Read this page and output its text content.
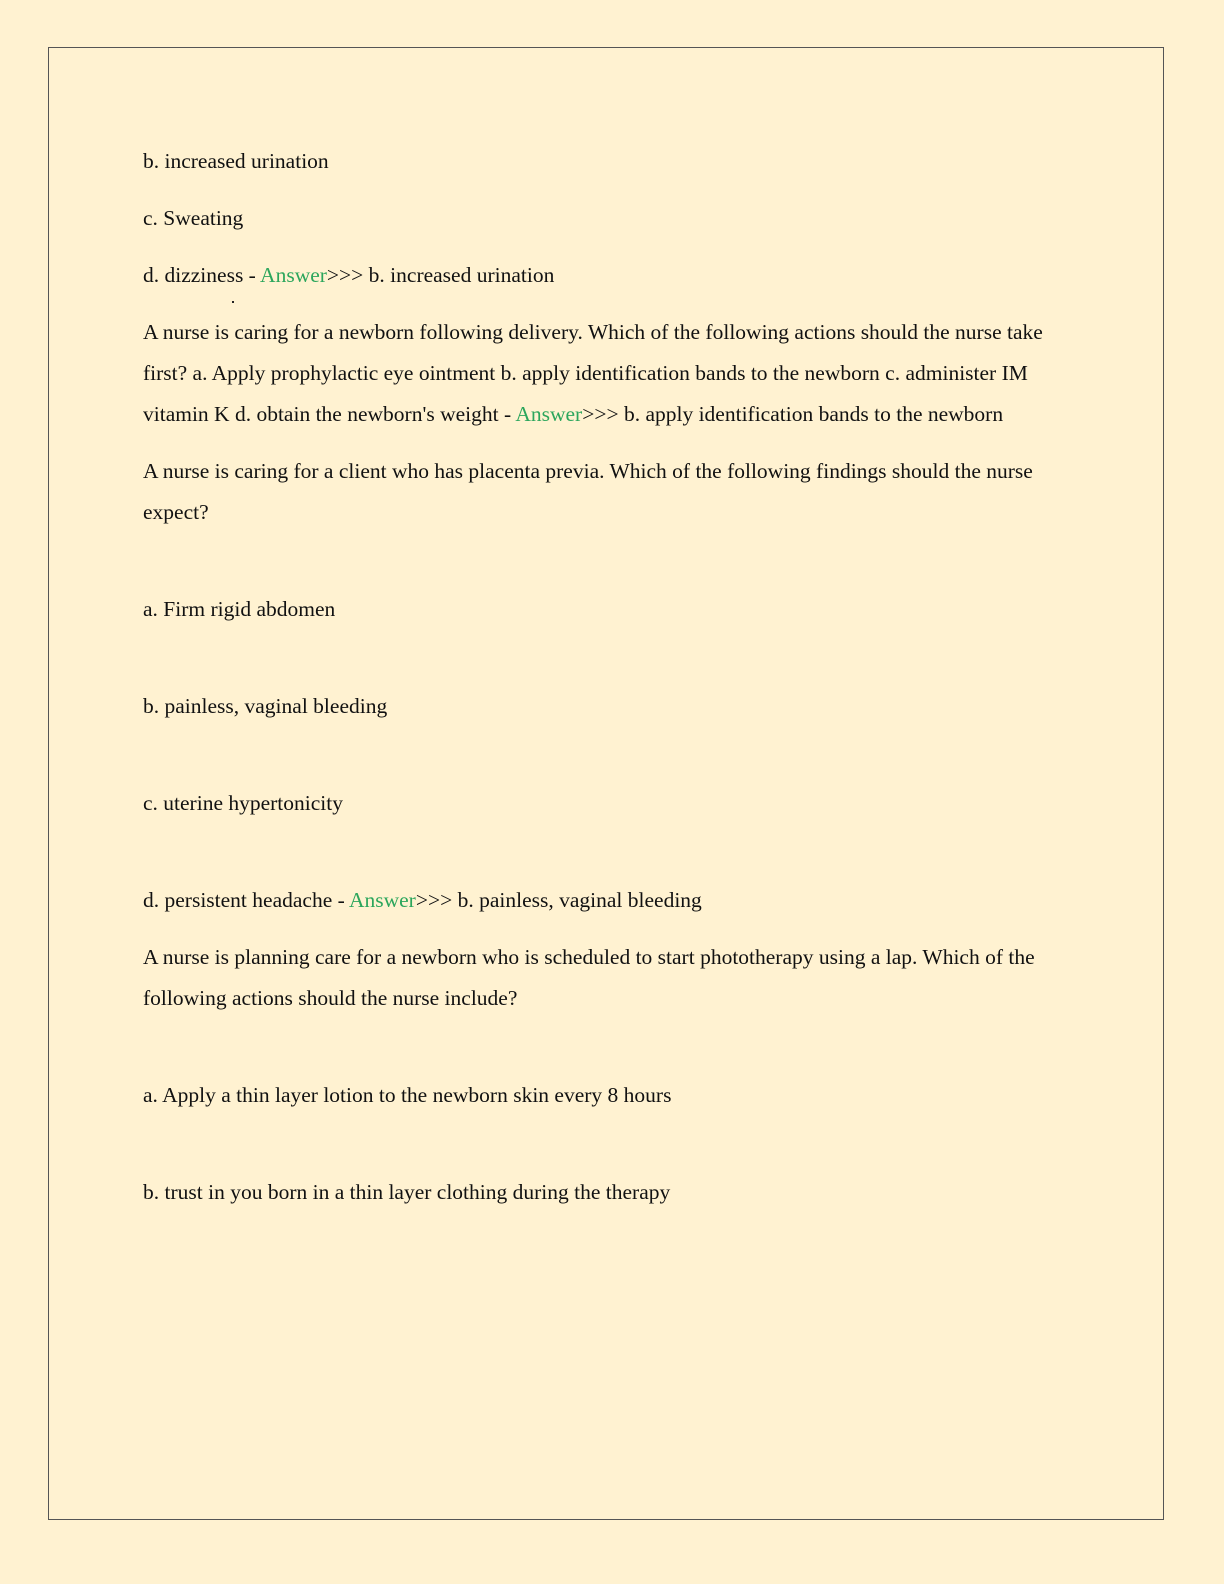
b. increased urination

c. Sweating

d. dizziness - Answer>>> b. increased urination

A nurse is caring for a newborn following delivery. Which of the following actions should the nurse take first? a. Apply prophylactic eye ointment b. apply identification bands to the newborn c. administer IM vitamin K d. obtain the newborn's weight - Answer>>> b. apply identification bands to the newborn

A nurse is caring for a client who has placenta previa. Which of the following findings should the nurse expect?

a. Firm rigid abdomen

b. painless, vaginal bleeding

c. uterine hypertonicity

d. persistent headache - Answer>>> b. painless, vaginal bleeding

A nurse is planning care for a newborn who is scheduled to start phototherapy using a lap. Which of the following actions should the nurse include?

a. Apply a thin layer lotion to the newborn skin every 8 hours

b. trust in you born in a thin layer clothing during the therapy
